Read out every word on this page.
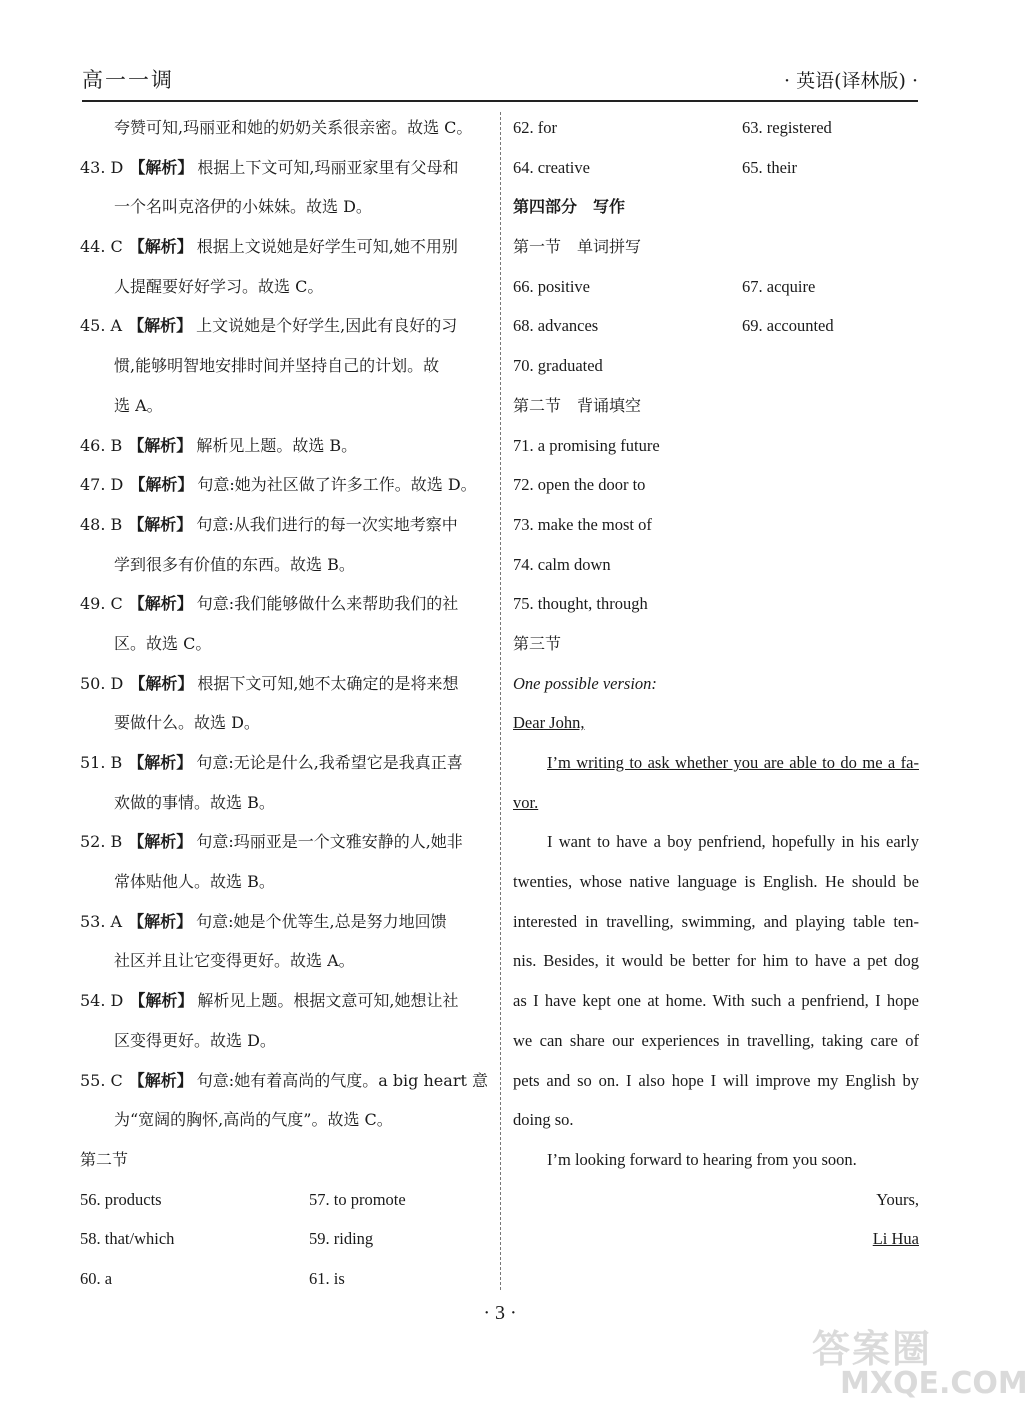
高一一调	· 英语(译林版) ·
夸赞可知,玛丽亚和她的奶奶关系很亲密。故选 C。
43. D 【解析】 根据上下文可知,玛丽亚家里有父母和
一个名叫克洛伊的小妹妹。故选 D。
44. C 【解析】 根据上文说她是好学生可知,她不用别
人提醒要好好学习。故选 C。
45. A 【解析】 上文说她是个好学生,因此有良好的习
惯,能够明智地安排时间并坚持自己的计划。故
选 A。
46. B 【解析】 解析见上题。故选 B。
47. D 【解析】 句意:她为社区做了许多工作。故选 D。
48. B 【解析】 句意:从我们进行的每一次实地考察中
学到很多有价值的东西。故选 B。
49. C 【解析】 句意:我们能够做什么来帮助我们的社
区。故选 C。
50. D 【解析】 根据下文可知,她不太确定的是将来想
要做什么。故选 D。
51. B 【解析】 句意:无论是什么,我希望它是我真正喜
欢做的事情。故选 B。
52. B 【解析】 句意:玛丽亚是一个文雅安静的人,她非
常体贴他人。故选 B。
53. A 【解析】 句意:她是个优等生,总是努力地回馈
社区并且让它变得更好。故选 A。
54. D 【解析】 解析见上题。根据文意可知,她想让社
区变得更好。故选 D。
55. C 【解析】 句意:她有着高尚的气度。a big heart 意
为“宽阔的胸怀,高尚的气度”。故选 C。
第二节
56. products	57. to promote
58. that/which	59. riding
60. a	61. is
62. for	63. registered
64. creative	65. their
第四部分　写作
第一节　单词拼写
66. positive	67. acquire
68. advances	69. accounted
70. graduated
第二节　背诵填空
71. a promising future
72. open the door to
73. make the most of
74. calm down
75. thought, through
第三节
One possible version:
Dear John,
I’m writing to ask whether you are able to do me a fa-
vor.
I want to have a boy penfriend, hopefully in his early
twenties, whose native language is English. He should be
interested in travelling, swimming, and playing table ten-
nis. Besides, it would be better for him to have a pet dog
as I have kept one at home. With such a penfriend, I hope
we can share our experiences in travelling, taking care of
pets and so on. I also hope I will improve my English by
doing so.
I’m looking forward to hearing from you soon.
Yours,
Li Hua
· 3 ·
答案圈
MXQE.COM
